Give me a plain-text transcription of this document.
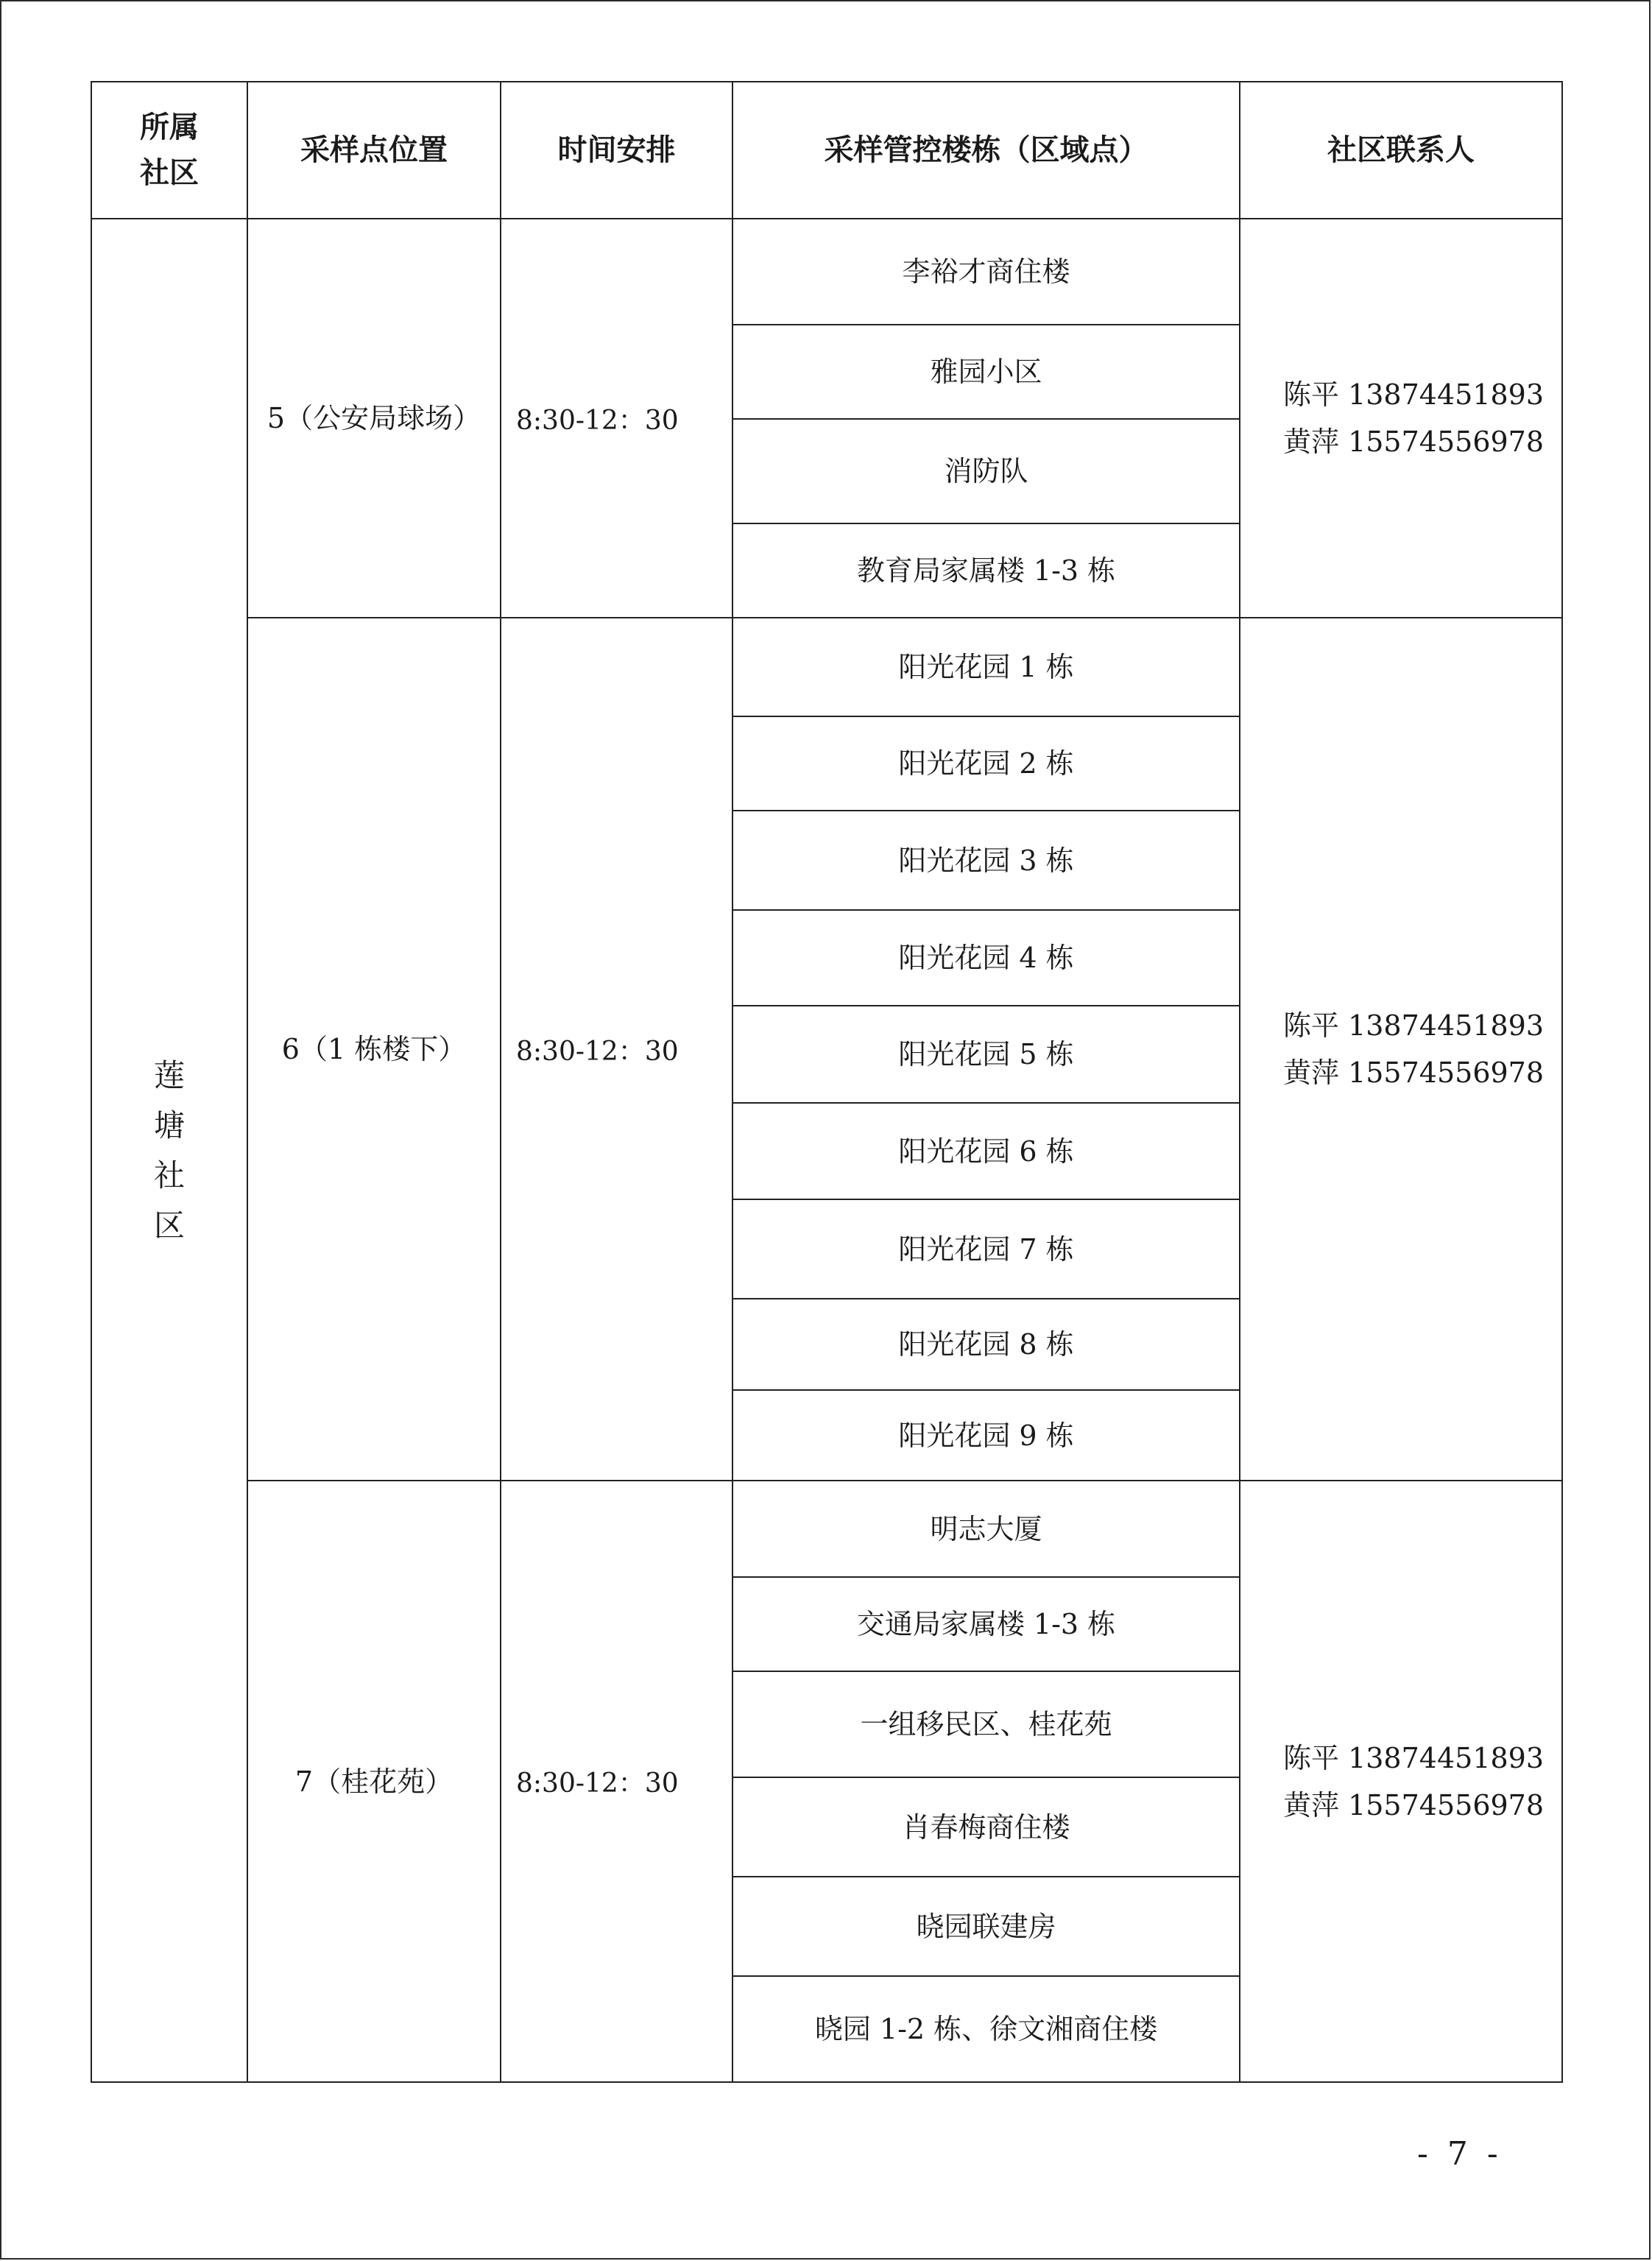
所属社区	采样点位置	时间安排	采样管控楼栋（区域点）	社区联系人

莲
塘
社
区	5（公安局球场）	8:30-12：30	李裕才商住楼	陈平 13874451893
黄萍 15574556978

			雅园小区	
			消防队	
			教育局家属楼 1-3 栋	
	6（1 栋楼下）	8:30-12：30	阳光花园 1 栋	陈平 13874451893
黄萍 15574556978

			阳光花园 2 栋	
			阳光花园 3 栋	
			阳光花园 4 栋	
			阳光花园 5 栋	
			阳光花园 6 栋	
			阳光花园 7 栋	
			阳光花园 8 栋	
			阳光花园 9 栋	
	7（桂花苑）	8:30-12：30	明志大厦	陈平 13874451893
黄萍 15574556978

			交通局家属楼 1-3 栋	
			一组移民区、桂花苑	
			肖春梅商住楼	
			晓园联建房	
			晓园 1-2 栋、徐文湘商住楼	
- 7 -
